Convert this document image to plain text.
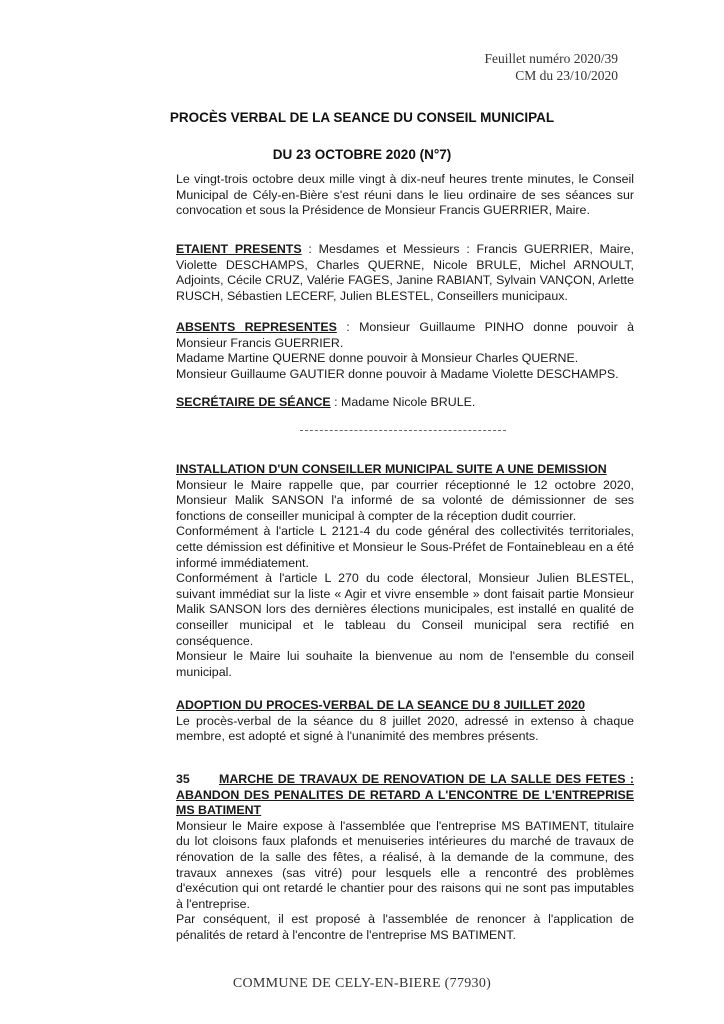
Feuillet numéro 2020/39
CM du 23/10/2020
PROCÈS VERBAL DE LA SEANCE DU CONSEIL MUNICIPAL
DU 23 OCTOBRE 2020 (N°7)

Le vingt-trois octobre deux mille vingt à dix-neuf heures trente minutes, le Conseil Municipal de Cély-en-Bière s'est réuni dans le lieu ordinaire de ses séances sur convocation et sous la Présidence de Monsieur Francis GUERRIER, Maire.

ETAIENT PRESENTS : Mesdames et Messieurs : Francis GUERRIER, Maire, Violette DESCHAMPS, Charles QUERNE, Nicole BRULE, Michel ARNOULT, Adjoints, Cécile CRUZ, Valérie FAGES, Janine RABIANT, Sylvain VANÇON, Arlette RUSCH, Sébastien LECERF, Julien BLESTEL, Conseillers municipaux.

ABSENTS REPRESENTES : Monsieur Guillaume PINHO donne pouvoir à Monsieur Francis GUERRIER.

Madame Martine QUERNE donne pouvoir à Monsieur Charles QUERNE.

Monsieur Guillaume GAUTIER donne pouvoir à Madame Violette DESCHAMPS.

SECRÉTAIRE DE SÉANCE : Madame Nicole BRULE.

INSTALLATION D'UN CONSEILLER MUNICIPAL SUITE A UNE DEMISSION

Monsieur le Maire rappelle que, par courrier réceptionné le 12 octobre 2020, Monsieur Malik SANSON l'a informé de sa volonté de démissionner de ses fonctions de conseiller municipal à compter de la réception dudit courrier.

Conformément à l'article L 2121-4 du code général des collectivités territoriales, cette démission est définitive et Monsieur le Sous-Préfet de Fontainebleau en a été informé immédiatement.

Conformément à l'article L 270 du code électoral, Monsieur Julien BLESTEL, suivant immédiat sur la liste « Agir et vivre ensemble » dont faisait partie Monsieur Malik SANSON lors des dernières élections municipales, est installé en qualité de conseiller municipal et le tableau du Conseil municipal sera rectifié en conséquence.

Monsieur le Maire lui souhaite la bienvenue au nom de l'ensemble du conseil municipal.

ADOPTION DU PROCES-VERBAL DE LA SEANCE DU 8 JUILLET 2020

Le procès-verbal de la séance du 8 juillet 2020, adressé in extenso à chaque membre, est adopté et signé à l'unanimité des membres présents.

35 MARCHE DE TRAVAUX DE RENOVATION DE LA SALLE DES FETES : ABANDON DES PENALITES DE RETARD A L'ENCONTRE DE L'ENTREPRISE MS BATIMENT

Monsieur le Maire expose à l'assemblée que l'entreprise MS BATIMENT, titulaire du lot cloisons faux plafonds et menuiseries intérieures du marché de travaux de rénovation de la salle des fêtes, a réalisé, à la demande de la commune, des travaux annexes (sas vitré) pour lesquels elle a rencontré des problèmes d'exécution qui ont retardé le chantier pour des raisons qui ne sont pas imputables à l'entreprise.

Par conséquent, il est proposé à l'assemblée de renoncer à l'application de pénalités de retard à l'encontre de l'entreprise MS BATIMENT.

COMMUNE DE CELY-EN-BIERE (77930)
